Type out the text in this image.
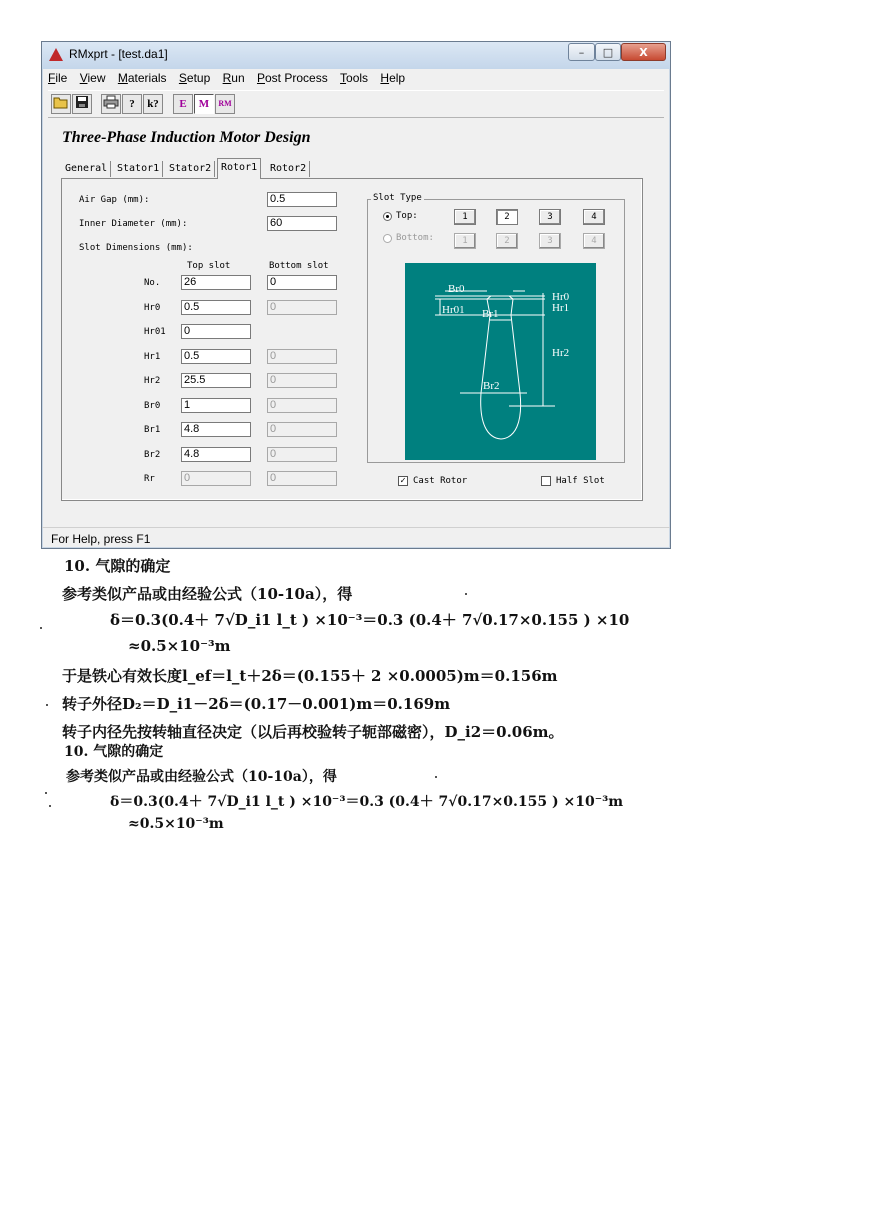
RMxprt - [test.da1]	–	□	X
File View Materials Setup Run Post Process Tools Help
?	k?	E	M	RM
Three-Phase Induction Motor Design
General Stator1 Stator2 Rotor1	Rotor2
Air Gap (mm):	0.5
Inner Diameter (mm):	60
Slot Dimensions (mm):
Top slot	Bottom slot
No. 26	0
Hr0 0.5	0
Hr01 0
Hr1 0.5	0
Hr2 25.5	0
Br0 1	0
Br1 4.8	0
Br2 4.8	0
Rr	0	0
Slot Type
Top:	1	2	3	4
Bottom:	1	2	3	4
Br0
Hr0
Hr1
Hr01 Br1
Hr2
Br2
✓ Cast Rotor	Half Slot
For Help, press F1
10. 气隙的确定
参考类似产品或由经验公式（10-10a），得
δ＝0.3(0.4＋ 7√D_i1 l_t ) ×10⁻³＝0.3 (0.4＋ 7√0.17×0.155 ) ×10
≈0.5×10⁻³m
于是铁心有效长度l_ef＝l_t＋2δ＝(0.155＋ 2 ×0.0005)m＝0.156m
转子外径D₂＝D_i1－2δ＝(0.17－0.001)m＝0.169m
转子内径先按转轴直径决定（以后再校验转子轭部磁密），D_i2＝0.06m。
10. 气隙的确定
参考类似产品或由经验公式（10-10a），得
δ＝0.3(0.4＋ 7√D_i1 l_t ) ×10⁻³＝0.3 (0.4＋ 7√0.17×0.155 ) ×10⁻³m
≈0.5×10⁻³m
